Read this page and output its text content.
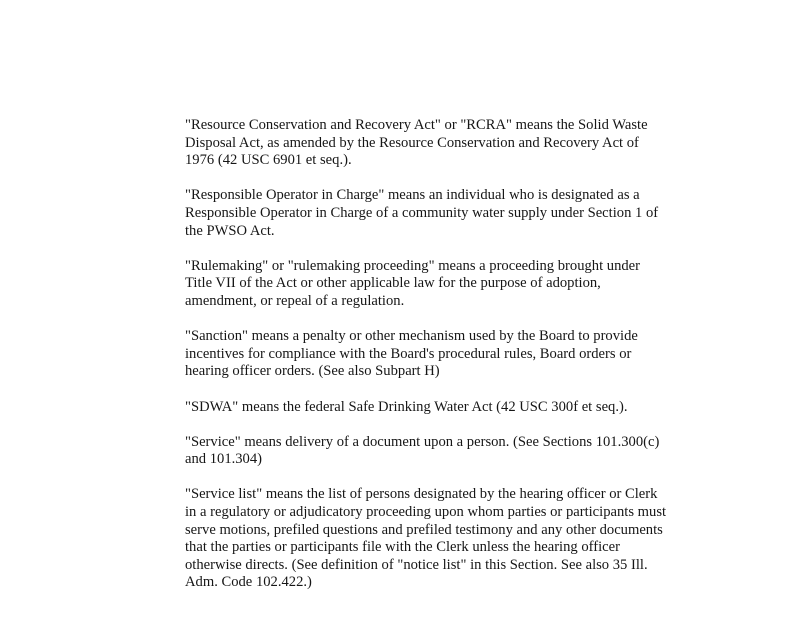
"Resource Conservation and Recovery Act" or "RCRA" means the Solid Waste
Disposal Act, as amended by the Resource Conservation and Recovery Act of
1976 (42 USC 6901 et seq.).
"Responsible Operator in Charge" means an individual who is designated as a
Responsible Operator in Charge of a community water supply under Section 1 of
the PWSO Act.
"Rulemaking" or "rulemaking proceeding" means a proceeding brought under
Title VII of the Act or other applicable law for the purpose of adoption,
amendment, or repeal of a regulation.
"Sanction" means a penalty or other mechanism used by the Board to provide
incentives for compliance with the Board's procedural rules, Board orders or
hearing officer orders. (See also Subpart H)
"SDWA" means the federal Safe Drinking Water Act (42 USC 300f et seq.).
"Service" means delivery of a document upon a person. (See Sections 101.300(c)
and 101.304)
"Service list" means the list of persons designated by the hearing officer or Clerk
in a regulatory or adjudicatory proceeding upon whom parties or participants must
serve motions, prefiled questions and prefiled testimony and any other documents
that the parties or participants file with the Clerk unless the hearing officer
otherwise directs. (See definition of "notice list" in this Section. See also 35 Ill.
Adm. Code 102.422.)
